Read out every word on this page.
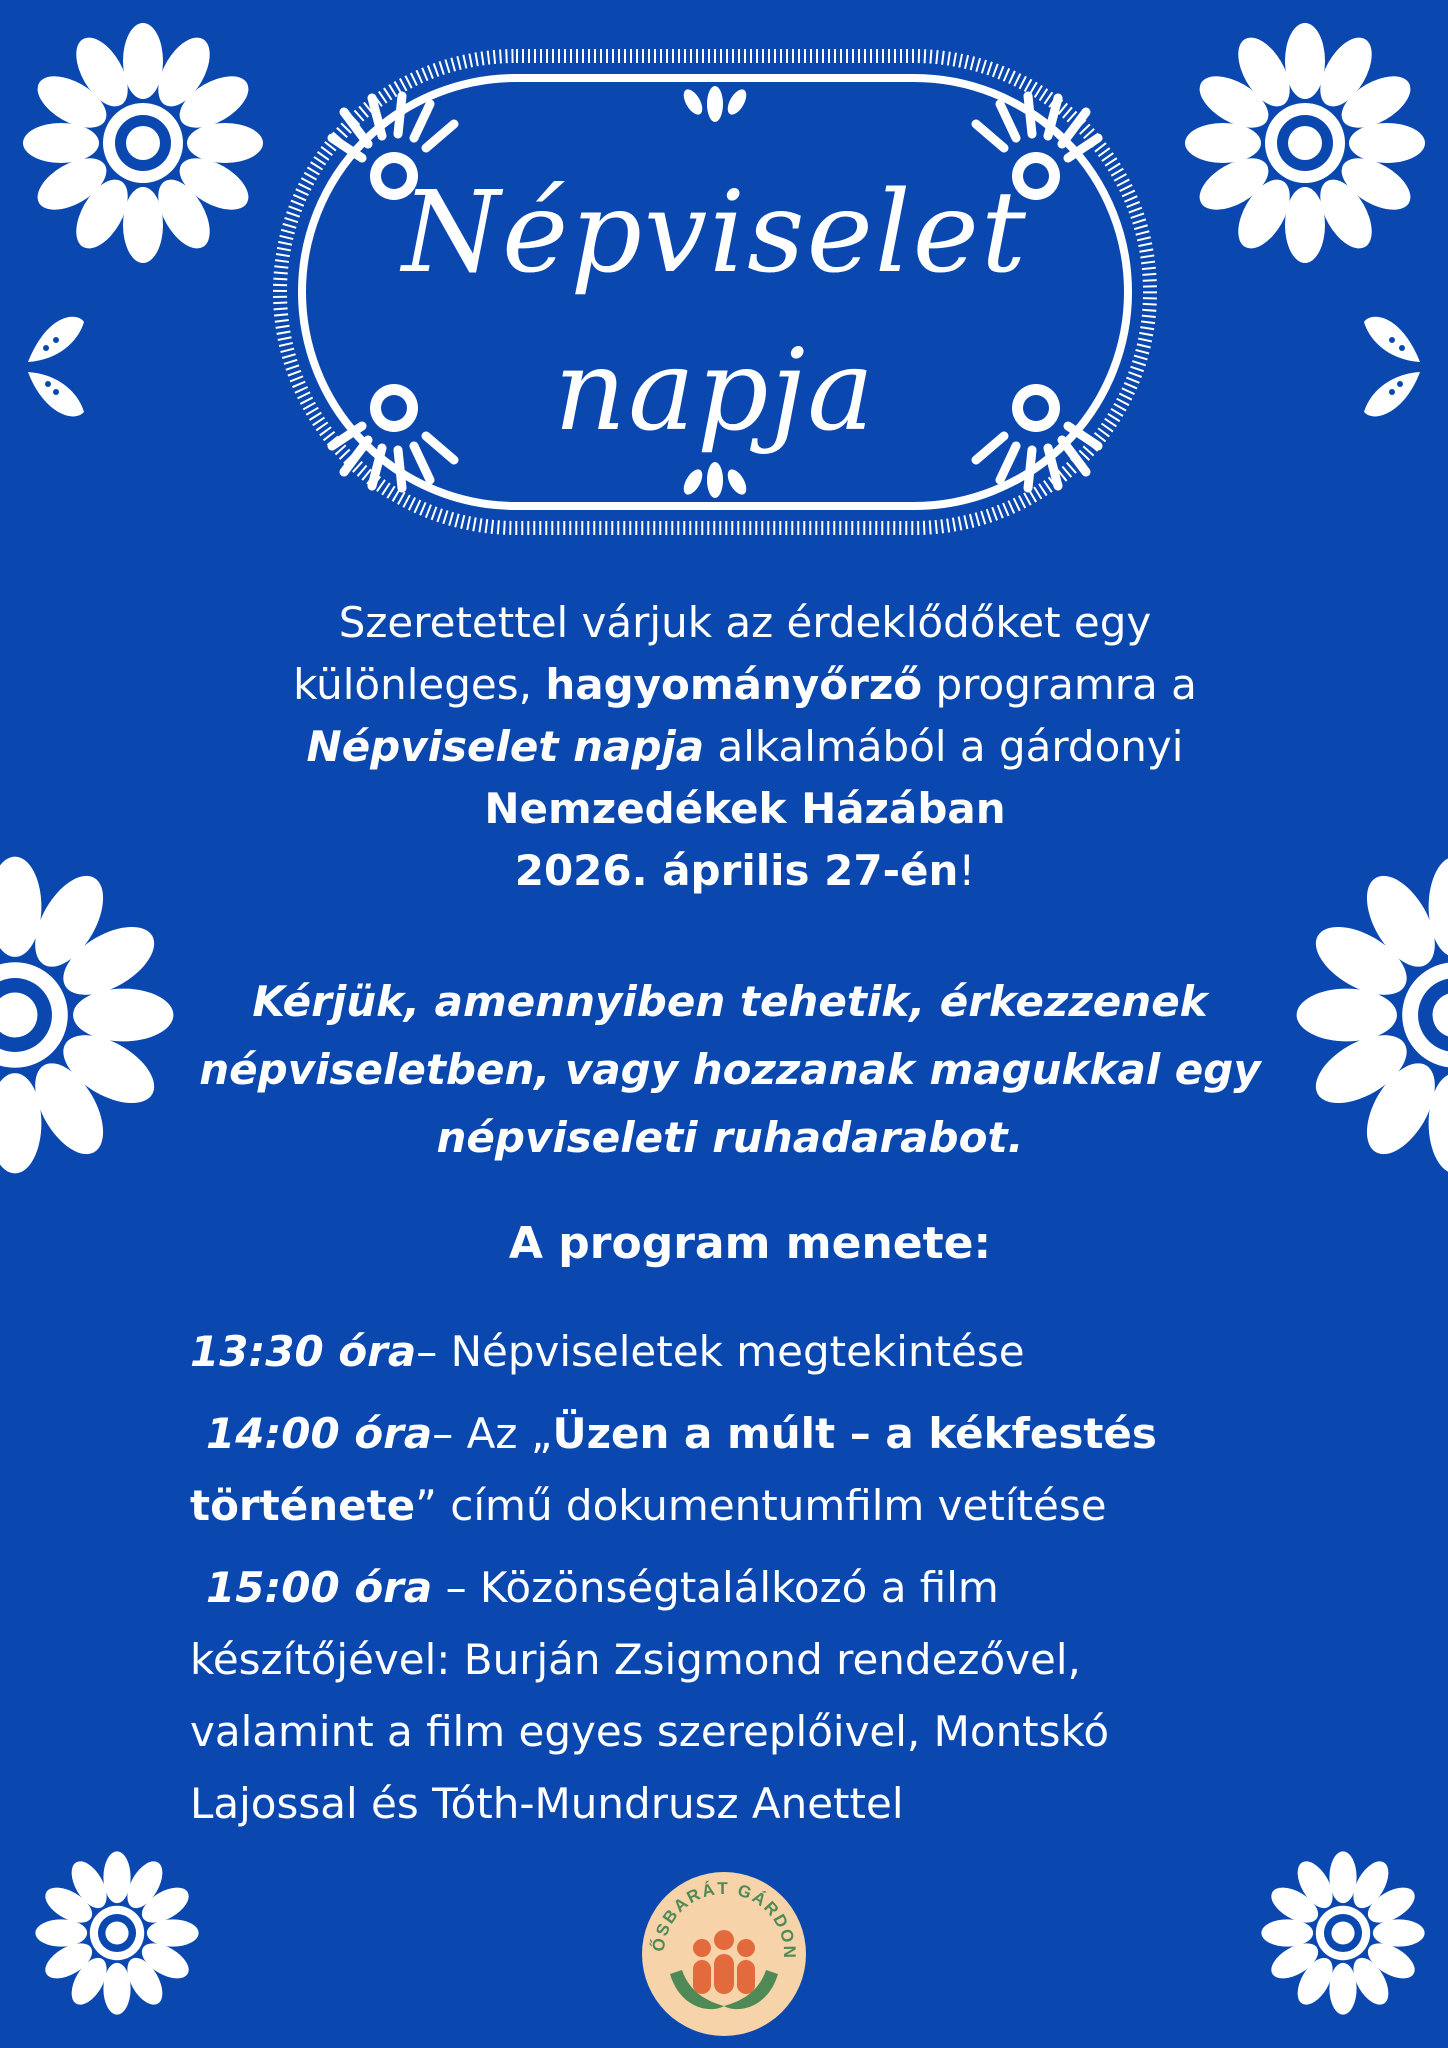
Népviselet
napja
Szeretettel várjuk az érdeklődőket egy
különleges, hagyományőrző programra a
Népviselet napja alkalmából a gárdonyi
Nemzedékek Házában
2026. április 27-én!
Kérjük, amennyiben tehetik, érkezzenek
népviseletben, vagy hozzanak magukkal egy
népviseleti ruhadarabot.
A program menete:
13:30 óra– Népviseletek megtekintése
14:00 óra– Az „Üzen a múlt – a kékfestés
története” című dokumentumfilm vetítése
15:00 óra – Közönségtalálkozó a film
készítőjével: Burján Zsigmond rendezővel,
valamint a film egyes szereplőivel, Montskó
Lajossal és Tóth-Mundrusz Anettel
ŐSBARÁT GÁRDON
